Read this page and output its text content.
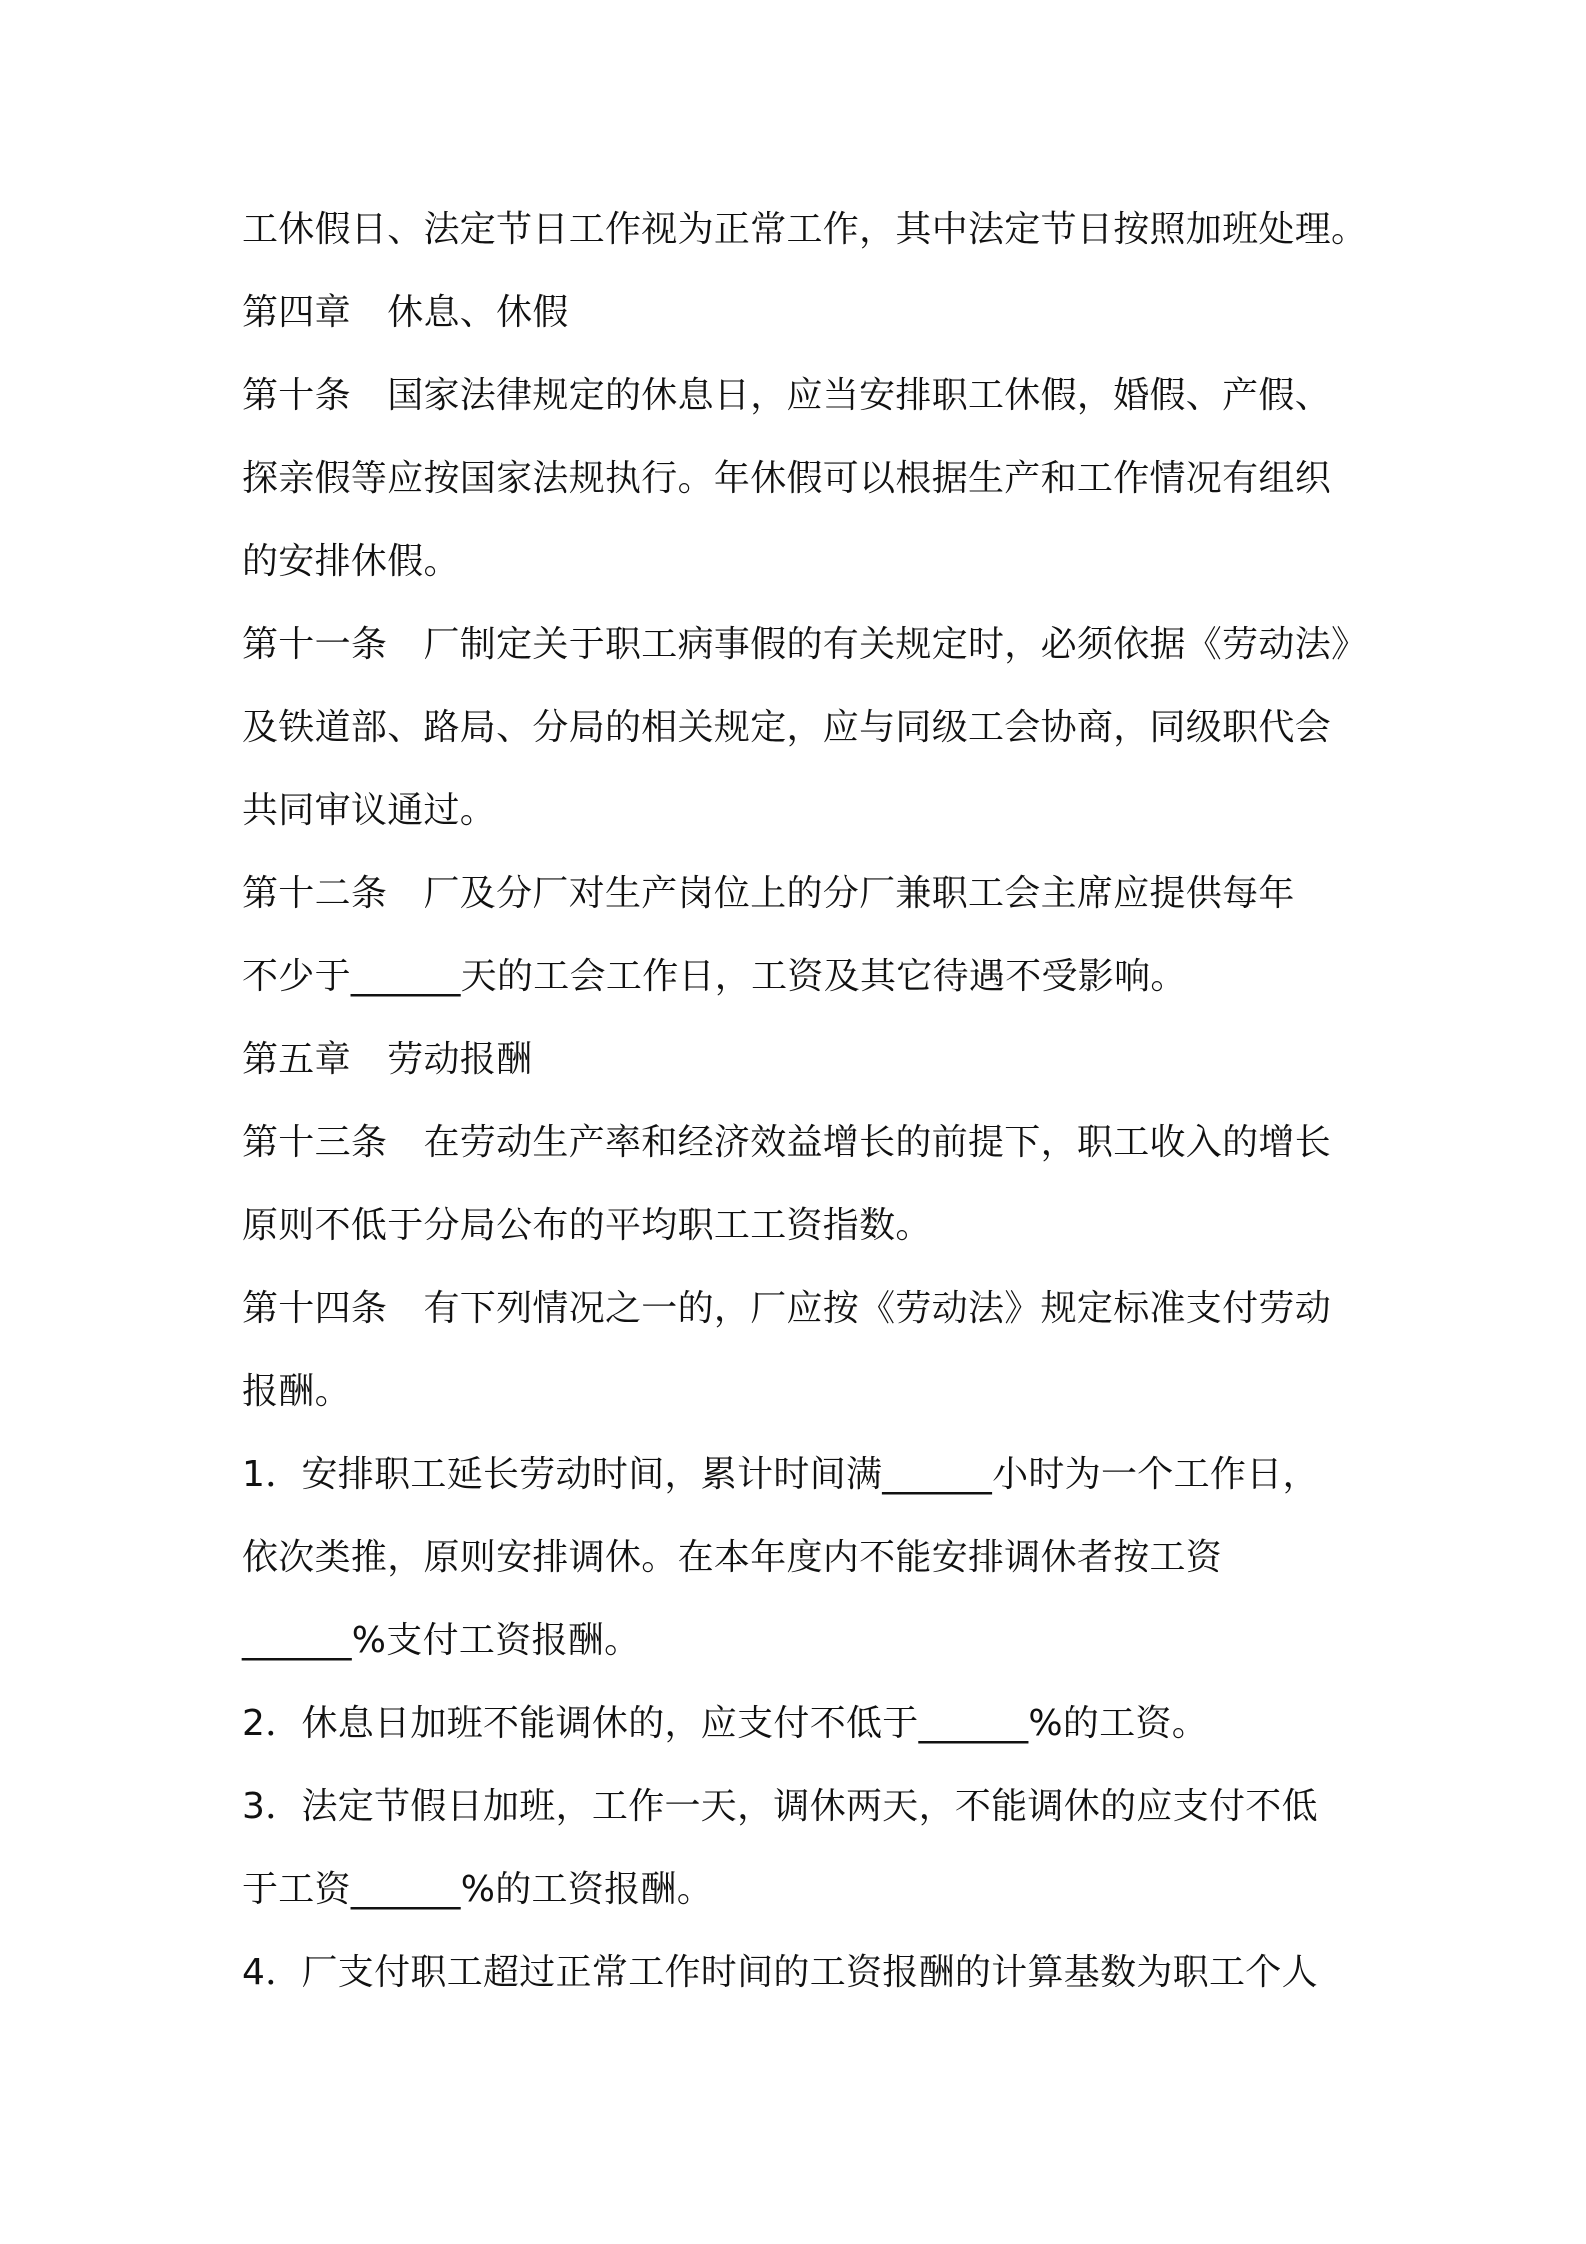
工休假日、法定节日工作视为正常工作，其中法定节日按照加班处理。
第四章　休息、休假
第十条　国家法律规定的休息日，应当安排职工休假，婚假、产假、
探亲假等应按国家法规执行。年休假可以根据生产和工作情况有组织
的安排休假。
第十一条　厂制定关于职工病事假的有关规定时，必须依据《劳动法》
及铁道部、路局、分局的相关规定，应与同级工会协商，同级职代会
共同审议通过。
第十二条　厂及分厂对生产岗位上的分厂兼职工会主席应提供每年
不少于______天的工会工作日，工资及其它待遇不受影响。
第五章　劳动报酬
第十三条　在劳动生产率和经济效益增长的前提下，职工收入的增长
原则不低于分局公布的平均职工工资指数。
第十四条　有下列情况之一的，厂应按《劳动法》规定标准支付劳动
报酬。
1．安排职工延长劳动时间，累计时间满______小时为一个工作日，
依次类推，原则安排调休。在本年度内不能安排调休者按工资
______%支付工资报酬。
2．休息日加班不能调休的，应支付不低于______%的工资。
3．法定节假日加班，工作一天，调休两天，不能调休的应支付不低
于工资______%的工资报酬。
4．厂支付职工超过正常工作时间的工资报酬的计算基数为职工个人
